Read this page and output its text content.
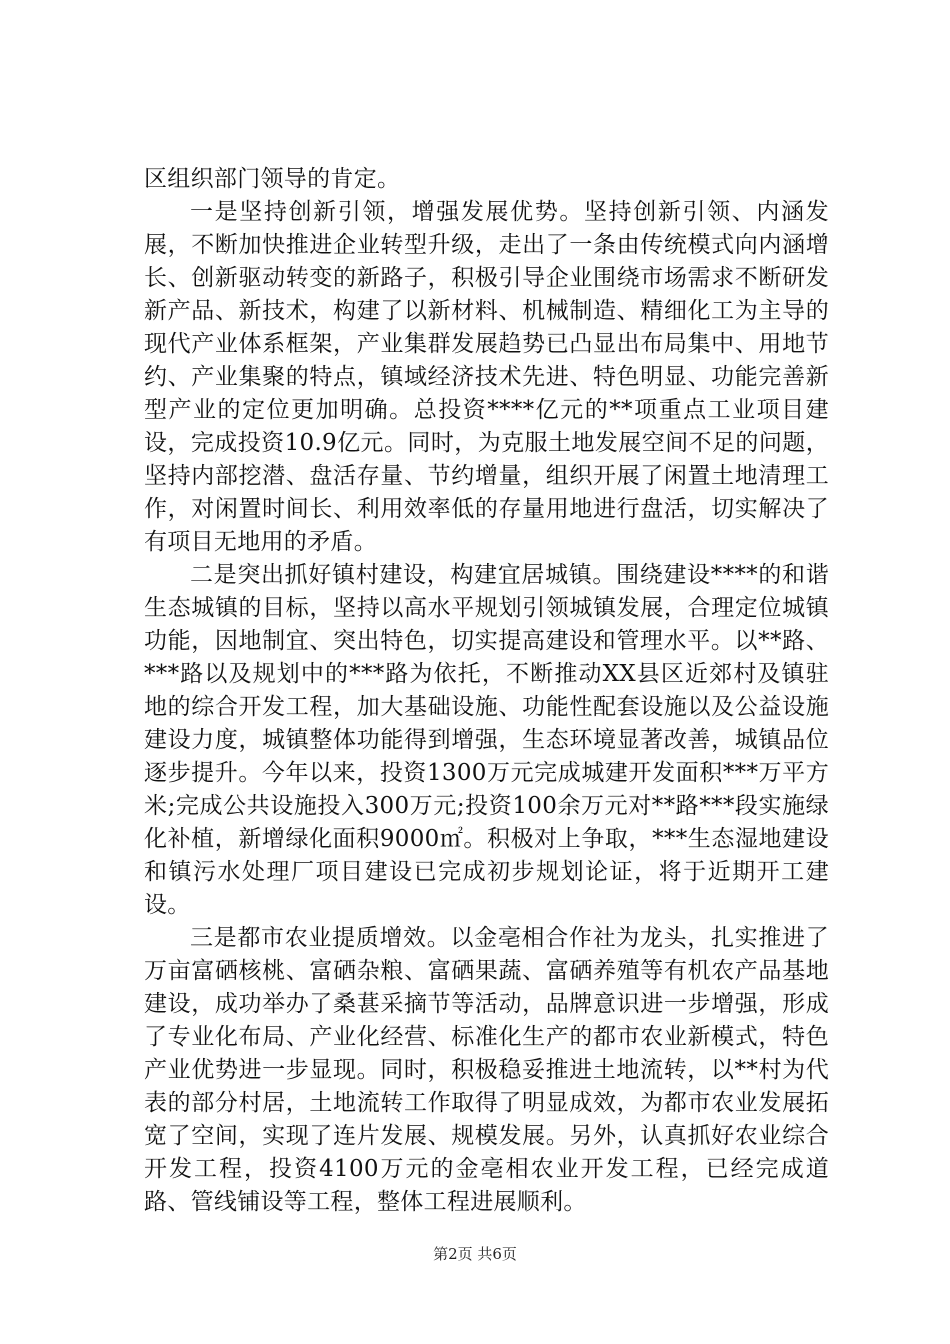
区组织部门领导的肯定。

一是坚持创新引领，增强发展优势。坚持创新引领、内涵发展，不断加快推进企业转型升级，走出了一条由传统模式向内涵增长、创新驱动转变的新路子，积极引导企业围绕市场需求不断研发新产品、新技术，构建了以新材料、机械制造、精细化工为主导的现代产业体系框架，产业集群发展趋势已凸显出布局集中、用地节约、产业集聚的特点，镇域经济技术先进、特色明显、功能完善新型产业的定位更加明确。总投资****亿元的**项重点工业项目建设，完成投资10.9亿元。同时，为克服土地发展空间不足的问题，坚持内部挖潜、盘活存量、节约增量，组织开展了闲置土地清理工作，对闲置时间长、利用效率低的存量用地进行盘活，切实解决了有项目无地用的矛盾。

二是突出抓好镇村建设，构建宜居城镇。围绕建设****的和谐生态城镇的目标，坚持以高水平规划引领城镇发展，合理定位城镇功能，因地制宜、突出特色，切实提高建设和管理水平。以**路、***路以及规划中的***路为依托，不断推动XX县区近郊村及镇驻地的综合开发工程，加大基础设施、功能性配套设施以及公益设施建设力度，城镇整体功能得到增强，生态环境显著改善，城镇品位逐步提升。今年以来，投资1300万元完成城建开发面积***万平方米;完成公共设施投入300万元;投资100余万元对**路***段实施绿化补植，新增绿化面积9000㎡。积极对上争取，***生态湿地建设和镇污水处理厂项目建设已完成初步规划论证，将于近期开工建设。

三是都市农业提质增效。以金亳相合作社为龙头，扎实推进了万亩富硒核桃、富硒杂粮、富硒果蔬、富硒养殖等有机农产品基地建设，成功举办了桑葚采摘节等活动，品牌意识进一步增强，形成了专业化布局、产业化经营、标准化生产的都市农业新模式，特色产业优势进一步显现。同时，积极稳妥推进土地流转，以**村为代表的部分村居，土地流转工作取得了明显成效，为都市农业发展拓宽了空间，实现了连片发展、规模发展。另外，认真抓好农业综合开发工程，投资4100万元的金亳相农业开发工程，已经完成道路、管线铺设等工程，整体工程进展顺利。

第2页 共6页
